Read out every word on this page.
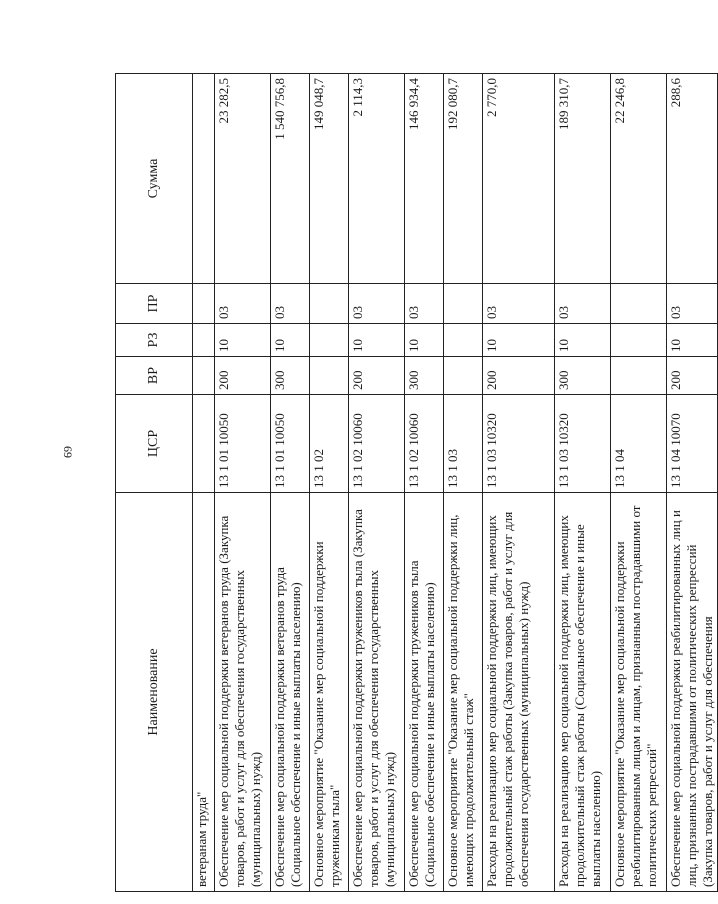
69
Наименование	ЦСР	ВР	РЗ	ПР	Сумма
ветеранам труда"					
Обеспечение мер социальной поддержки ветеранов труда (Закупка товаров, работ и услуг для обеспечения государственных (муниципальных) нужд)	13 1 01 10050	200	10	03	23 282,5
Обеспечение мер социальной поддержки ветеранов труда (Социальное обеспечение и иные выплаты населению)	13 1 01 10050	300	10	03	1 540 756,8
Основное мероприятие "Оказание мер социальной поддержки труженикам тыла"	13 1 02				149 048,7
Обеспечение мер социальной поддержки тружеников тыла (Закупка товаров, работ и услуг для обеспечения государственных (муниципальных) нужд)	13 1 02 10060	200	10	03	2 114,3
Обеспечение мер социальной поддержки тружеников тыла (Социальное обеспечение и иные выплаты населению)	13 1 02 10060	300	10	03	146 934,4
Основное мероприятие "Оказание мер социальной поддержки лиц, имеющих продолжительный стаж"	13 1 03				192 080,7
Расходы на реализацию мер социальной поддержки лиц, имеющих продолжительный стаж работы (Закупка товаров, работ и услуг для обеспечения государственных (муниципальных) нужд)	13 1 03 10320	200	10	03	2 770,0
Расходы на реализацию мер социальной поддержки лиц, имеющих продолжительный стаж работы (Социальное обеспечение и иные выплаты населению)	13 1 03 10320	300	10	03	189 310,7
Основное мероприятие "Оказание мер социальной поддержки реабилитированным лицам и лицам, признанным пострадавшими от политических репрессий"	13 1 04				22 246,8
Обеспечение мер социальной поддержки реабилитированных лиц и лиц, признанных пострадавшими от политических репрессий (Закупка товаров, работ и услуг для обеспечения	13 1 04 10070	200	10	03	288,6
